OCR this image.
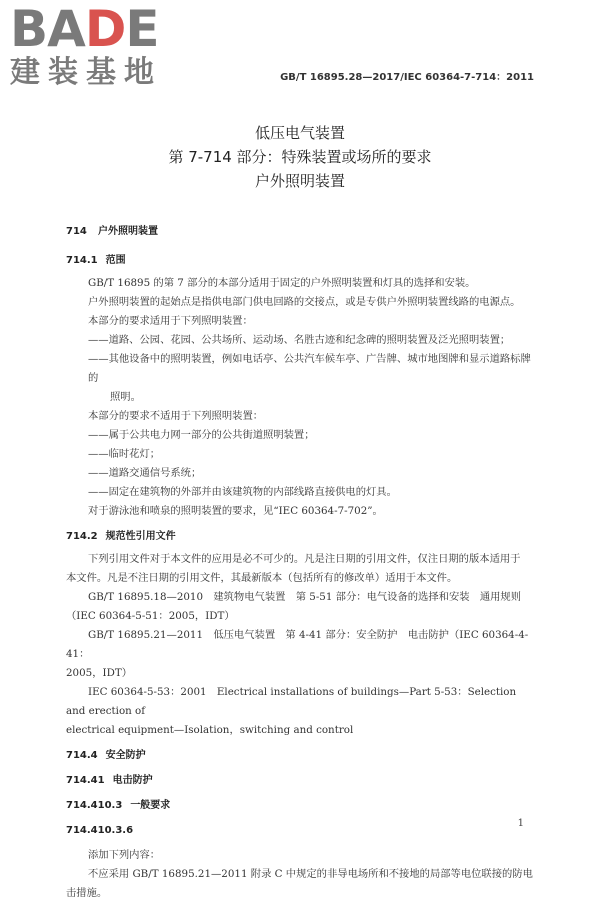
BADE
建装基地	GB/T 16895.28—2017/IEC 60364-7-714：2011
低压电气装置
第 7-714 部分：特殊装置或场所的要求
户外照明装置

714 户外照明装置

714.1 范围

GB/T 16895 的第 7 部分的本部分适用于固定的户外照明装置和灯具的选择和安装。

户外照明装置的起始点是指供电部门供电回路的交接点，或是专供户外照明装置线路的电源点。

本部分的要求适用于下列照明装置：

——道路、公园、花园、公共场所、运动场、名胜古迹和纪念碑的照明装置及泛光照明装置；

——其他设备中的照明装置，例如电话亭、公共汽车候车亭、广告牌、城市地图牌和显示道路标牌的

照明。

本部分的要求不适用于下列照明装置：

——属于公共电力网一部分的公共街道照明装置；

——临时花灯；

——道路交通信号系统；

——固定在建筑物的外部并由该建筑物的内部线路直接供电的灯具。

对于游泳池和喷泉的照明装置的要求，见“IEC 60364-7-702”。

714.2 规范性引用文件

下列引用文件对于本文件的应用是必不可少的。凡是注日期的引用文件，仅注日期的版本适用于

本文件。凡是不注日期的引用文件，其最新版本（包括所有的修改单）适用于本文件。

GB/T 16895.18—2010　建筑物电气装置　第 5-51 部分：电气设备的选择和安装　通用规则

（IEC 60364-5-51：2005，IDT）

GB/T 16895.21—2011　低压电气装置　第 4-41 部分：安全防护　电击防护（IEC 60364-4-41：

2005，IDT）

IEC 60364-5-53：2001　Electrical installations of buildings—Part 5-53：Selection and erection of

electrical equipment—Isolation，switching and control

714.4 安全防护

714.41 电击防护

714.410.3 一般要求

714.410.3.6

添加下列内容：

不应采用 GB/T 16895.21—2011 附录 C 中规定的非导电场所和不接地的局部等电位联接的防电

击措施。

1
